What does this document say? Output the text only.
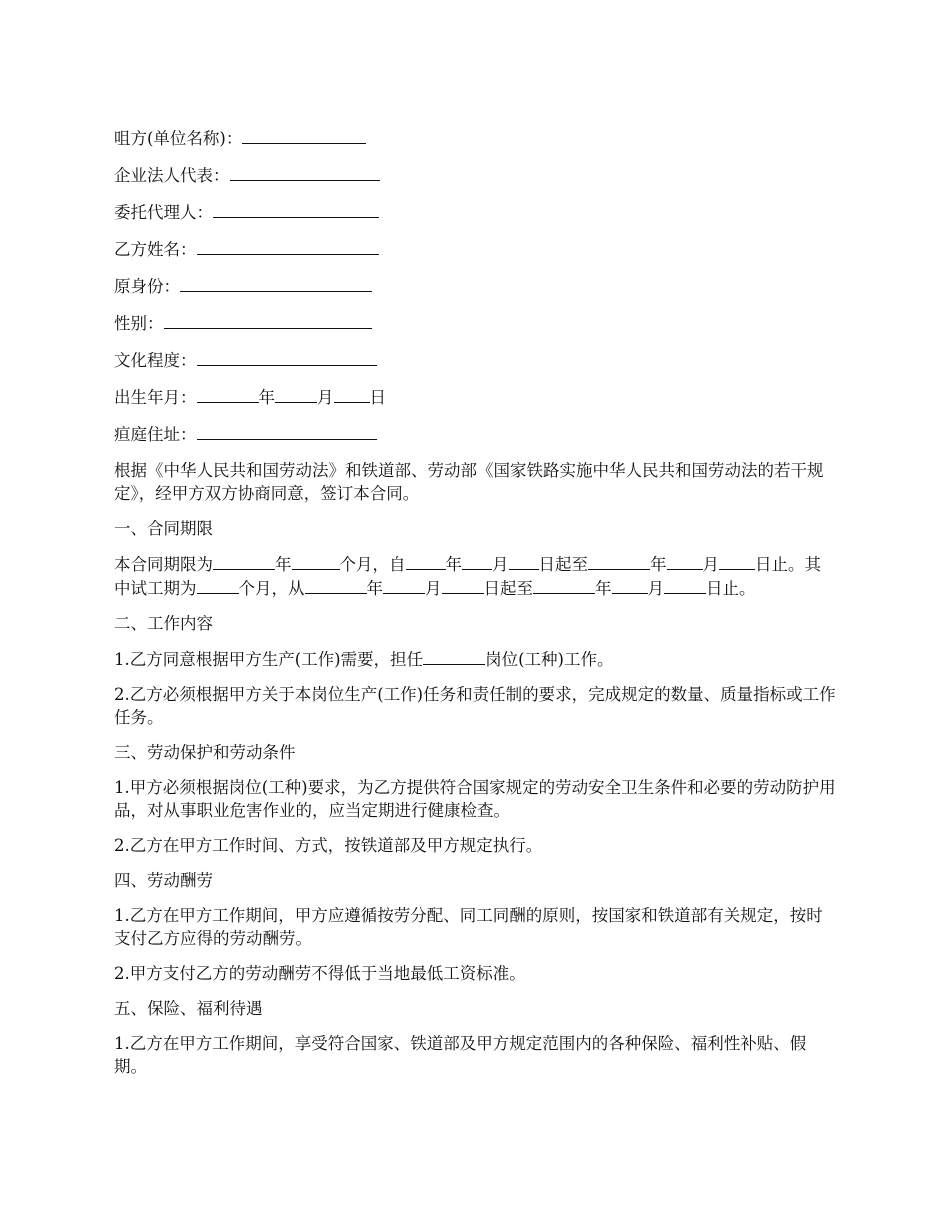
咀方(单位名称)：

企业法人代表：

委托代理人：

乙方姓名：

原身份：

性别：

文化程度：

出生年月：	年	月 日

疸庭住址：

根据《中华人民共和国劳动法》和铁道部、劳动部《国家铁路实施中华人民共和国劳动法的若干规定》，经甲方双方协商同意，签订本合同。

一、合同期限

本合同期限为	年	个月，自 年 月 日起至	年 月 日止。其中试工期为	个月，从	年	月	日起至	年 月	日止。

二、工作内容

1.乙方同意根据甲方生产(工作)需要，担任	岗位(工种)工作。

2.乙方必须根据甲方关于本岗位生产(工作)任务和责任制的要求，完成规定的数量、质量指标或工作任务。

三、劳动保护和劳动条件

1.甲方必须根据岗位(工种)要求，为乙方提供符合国家规定的劳动安全卫生条件和必要的劳动防护用品，对从事职业危害作业的，应当定期进行健康检查。

2.乙方在甲方工作时间、方式，按铁道部及甲方规定执行。

四、劳动酬劳

1.乙方在甲方工作期间，甲方应遵循按劳分配、同工同酬的原则，按国家和铁道部有关规定，按时支付乙方应得的劳动酬劳。

2.甲方支付乙方的劳动酬劳不得低于当地最低工资标准。

五、保险、福利待遇

1.乙方在甲方工作期间，享受符合国家、铁道部及甲方规定范围内的各种保险、福利性补贴、假期。
